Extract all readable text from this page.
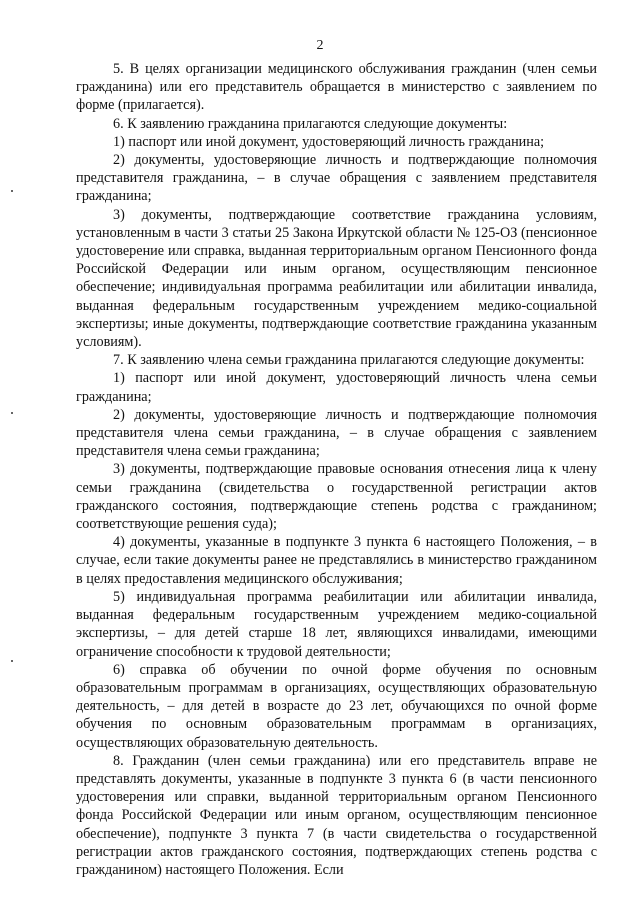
2

5. В целях организации медицинского обслуживания гражданин (член семьи гражданина) или его представитель обращается в министерство с заявлением по форме (прилагается).

6. К заявлению гражданина прилагаются следующие документы:

1) паспорт или иной документ, удостоверяющий личность гражданина;

2) документы, удостоверяющие личность и подтверждающие полномочия представителя гражданина, – в случае обращения с заявлением представителя гражданина;

3) документы, подтверждающие соответствие гражданина условиям, установленным в части 3 статьи 25 Закона Иркутской области № 125-ОЗ (пенсионное удостоверение или справка, выданная территориальным органом Пенсионного фонда Российской Федерации или иным органом, осуществляющим пенсионное обеспечение; индивидуальная программа реабилитации или абилитации инвалида, выданная федеральным государственным учреждением медико-социальной экспертизы; иные документы, подтверждающие соответствие гражданина указанным условиям).

7. К заявлению члена семьи гражданина прилагаются следующие документы:

1) паспорт или иной документ, удостоверяющий личность члена семьи гражданина;

2) документы, удостоверяющие личность и подтверждающие полномочия представителя члена семьи гражданина, – в случае обращения с заявлением представителя члена семьи гражданина;

3) документы, подтверждающие правовые основания отнесения лица к члену семьи гражданина (свидетельства о государственной регистрации актов гражданского состояния, подтверждающие степень родства с гражданином; соответствующие решения суда);

4) документы, указанные в подпункте 3 пункта 6 настоящего Положения, – в случае, если такие документы ранее не представлялись в министерство гражданином в целях предоставления медицинского обслуживания;

5) индивидуальная программа реабилитации или абилитации инвалида, выданная федеральным государственным учреждением медико-социальной экспертизы, – для детей старше 18 лет, являющихся инвалидами, имеющими ограничение способности к трудовой деятельности;

6) справка об обучении по очной форме обучения по основным образовательным программам в организациях, осуществляющих образовательную деятельность, – для детей в возрасте до 23 лет, обучающихся по очной форме обучения по основным образовательным программам в организациях, осуществляющих образовательную деятельность.

8. Гражданин (член семьи гражданина) или его представитель вправе не представлять документы, указанные в подпункте 3 пункта 6 (в части пенсионного удостоверения или справки, выданной территориальным органом Пенсионного фонда Российской Федерации или иным органом, осуществляющим пенсионное обеспечение), подпункте 3 пункта 7 (в части свидетельства о государственной регистрации актов гражданского состояния, подтверждающих степень родства с гражданином) настоящего Положения. Если
